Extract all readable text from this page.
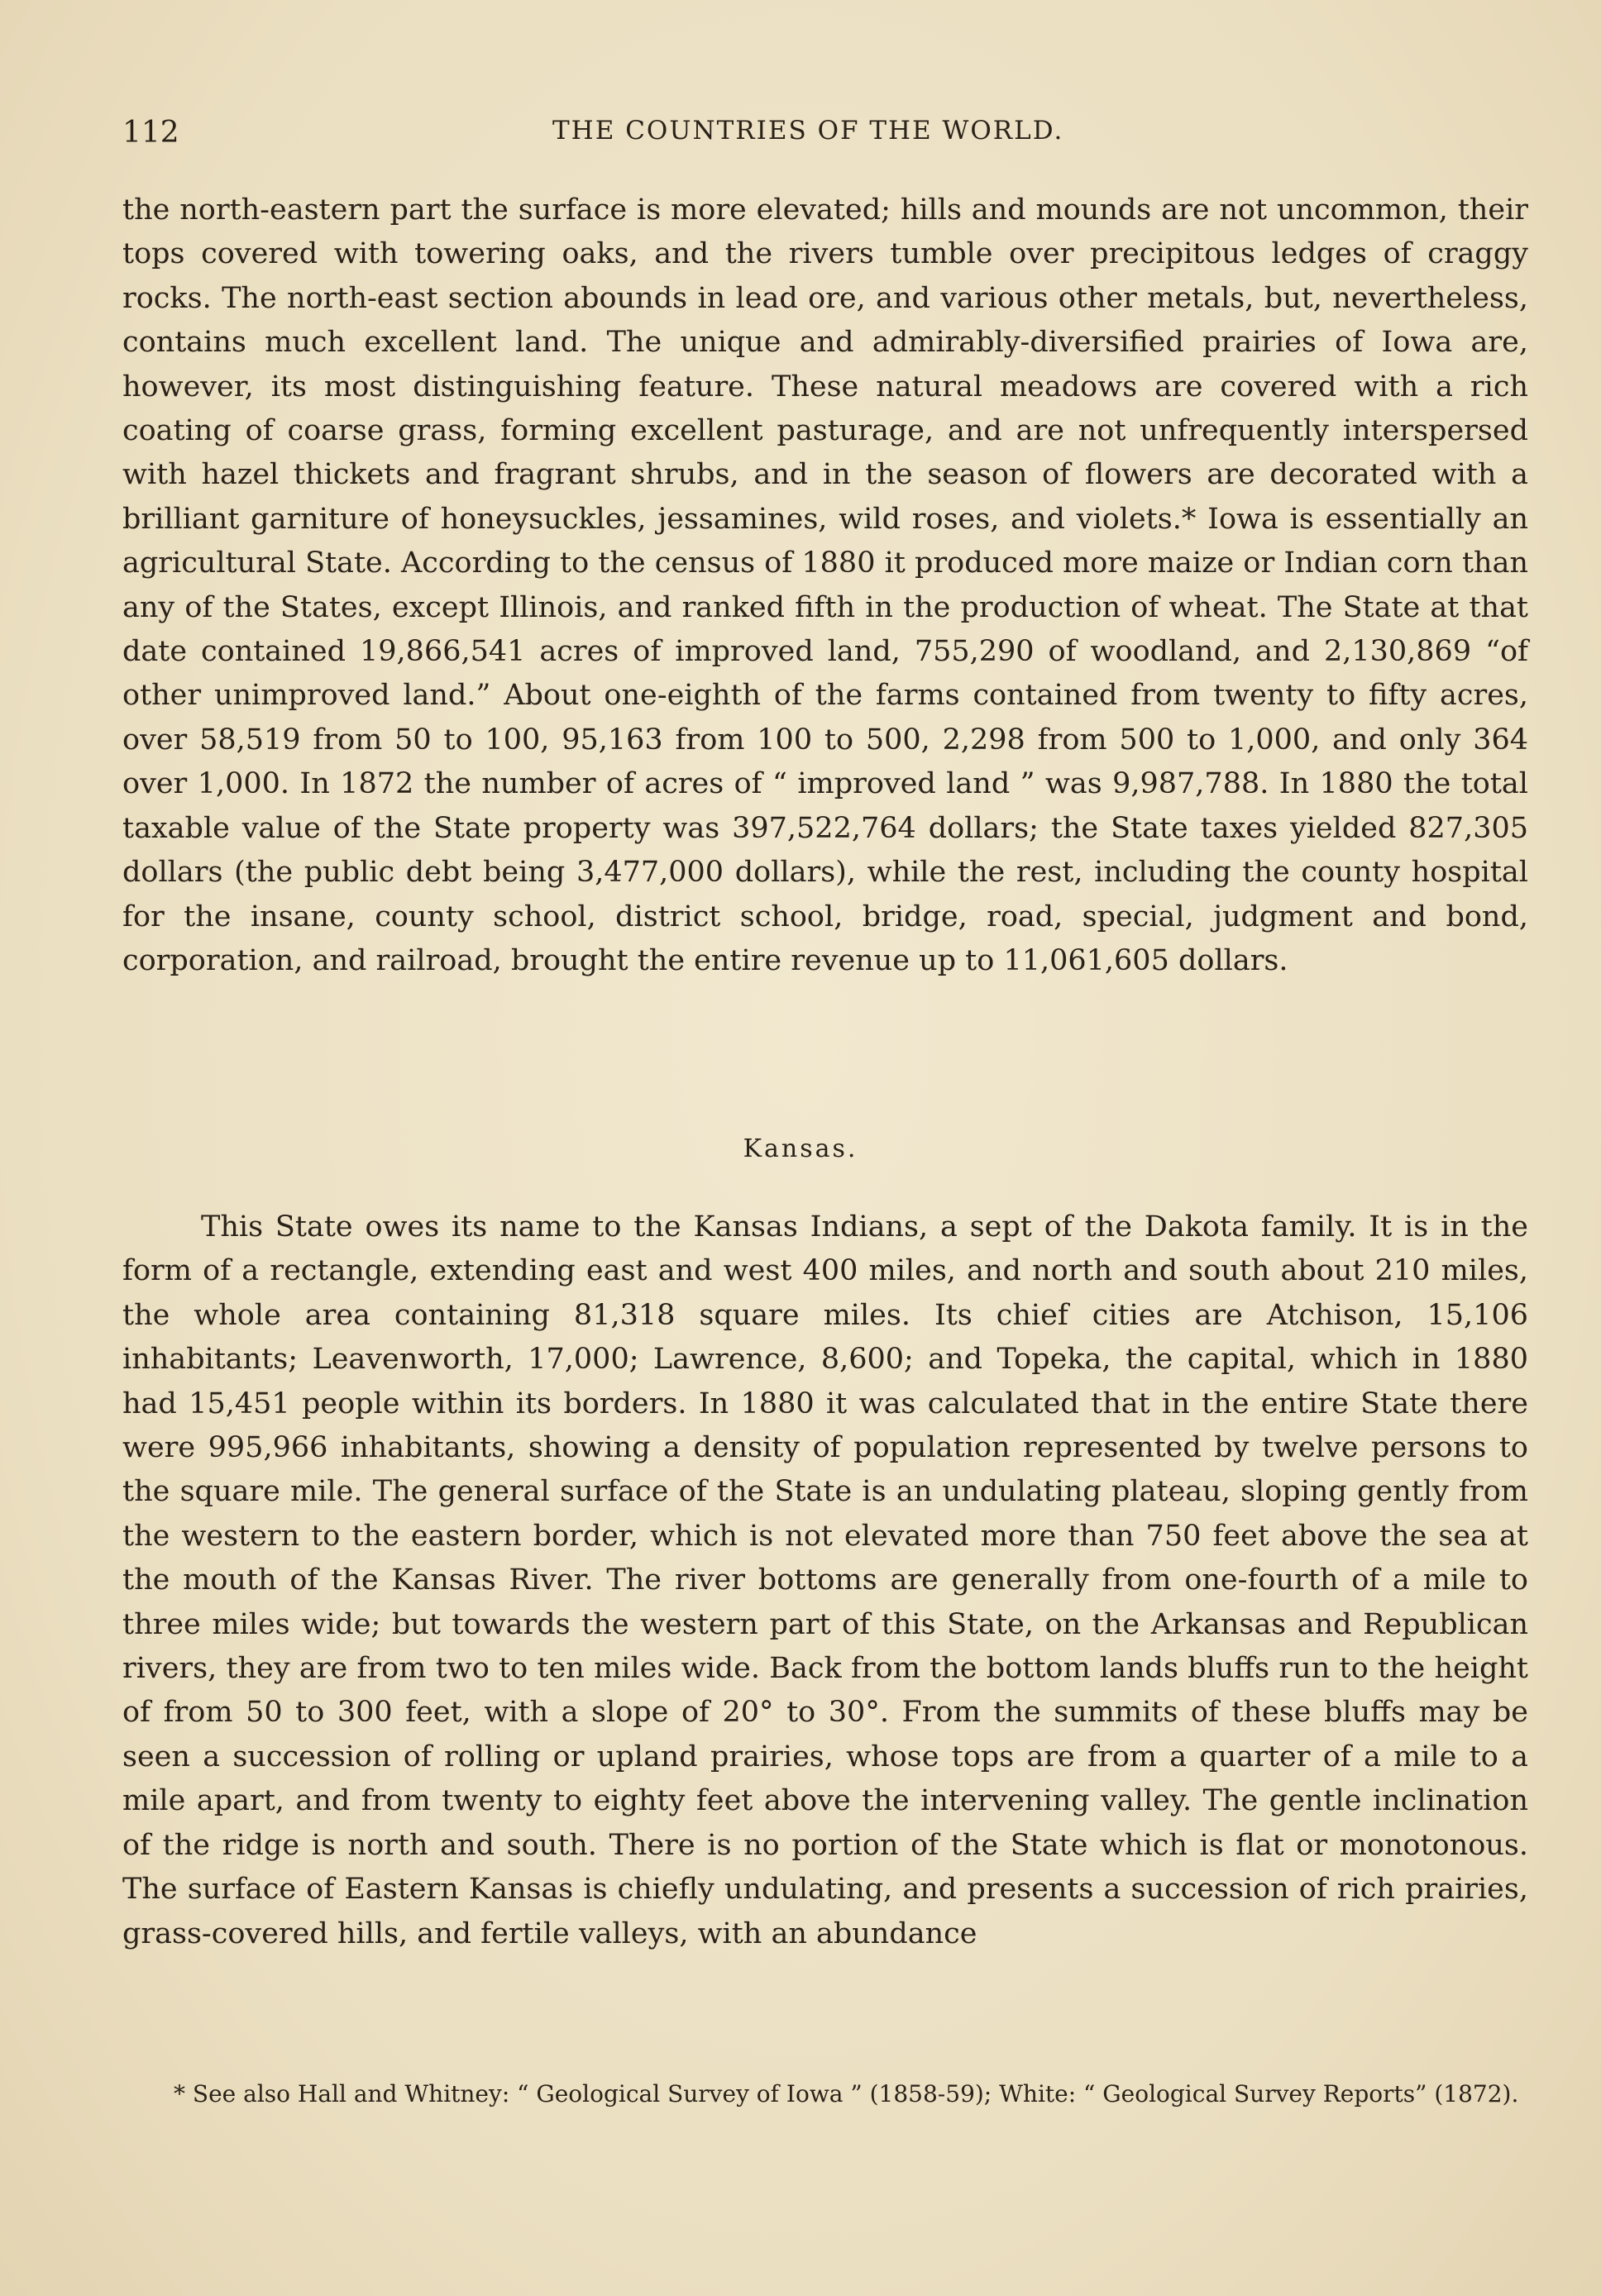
112	THE COUNTRIES OF THE WORLD.

the north-eastern part the surface is more elevated; hills and mounds are not uncommon, their tops covered with towering oaks, and the rivers tumble over precipitous ledges of craggy rocks. The north-east section abounds in lead ore, and various other metals, but, nevertheless, contains much excellent land. The unique and admirably-diversified prairies of Iowa are, however, its most distinguishing feature. These natural meadows are covered with a rich coating of coarse grass, forming excellent pasturage, and are not unfrequently interspersed with hazel thickets and fragrant shrubs, and in the season of flowers are decorated with a brilliant garniture of honeysuckles, jessamines, wild roses, and violets.* Iowa is essentially an agricultural State. According to the census of 1880 it produced more maize or Indian corn than any of the States, except Illinois, and ranked fifth in the production of wheat. The State at that date contained 19,866,541 acres of improved land, 755,290 of woodland, and 2,130,869 “of other unimproved land.” About one-eighth of the farms contained from twenty to fifty acres, over 58,519 from 50 to 100, 95,163 from 100 to 500, 2,298 from 500 to 1,000, and only 364 over 1,000. In 1872 the number of acres of “ improved land ” was 9,987,788. In 1880 the total taxable value of the State property was 397,522,764 dollars; the State taxes yielded 827,305 dollars (the public debt being 3,477,000 dollars), while the rest, including the county hospital for the insane, county school, district school, bridge, road, special, judgment and bond, corporation, and railroad, brought the entire revenue up to 11,061,605 dollars.

Kansas.

This State owes its name to the Kansas Indians, a sept of the Dakota family. It is in the form of a rectangle, extending east and west 400 miles, and north and south about 210 miles, the whole area containing 81,318 square miles. Its chief cities are Atchison, 15,106 inhabitants; Leavenworth, 17,000; Lawrence, 8,600; and Topeka, the capital, which in 1880 had 15,451 people within its borders. In 1880 it was calculated that in the entire State there were 995,966 inhabitants, showing a density of population represented by twelve persons to the square mile. The general surface of the State is an undulating plateau, sloping gently from the western to the eastern border, which is not elevated more than 750 feet above the sea at the mouth of the Kansas River. The river bottoms are generally from one-fourth of a mile to three miles wide; but towards the western part of this State, on the Arkansas and Republican rivers, they are from two to ten miles wide. Back from the bottom lands bluffs run to the height of from 50 to 300 feet, with a slope of 20° to 30°. From the summits of these bluffs may be seen a succession of rolling or upland prairies, whose tops are from a quarter of a mile to a mile apart, and from twenty to eighty feet above the intervening valley. The gentle inclination of the ridge is north and south. There is no portion of the State which is flat or monotonous. The surface of Eastern Kansas is chiefly undulating, and presents a succession of rich prairies, grass-covered hills, and fertile valleys, with an abundance

* See also Hall and Whitney: “ Geological Survey of Iowa ” (1858-59); White: “ Geological Survey Reports” (1872).
